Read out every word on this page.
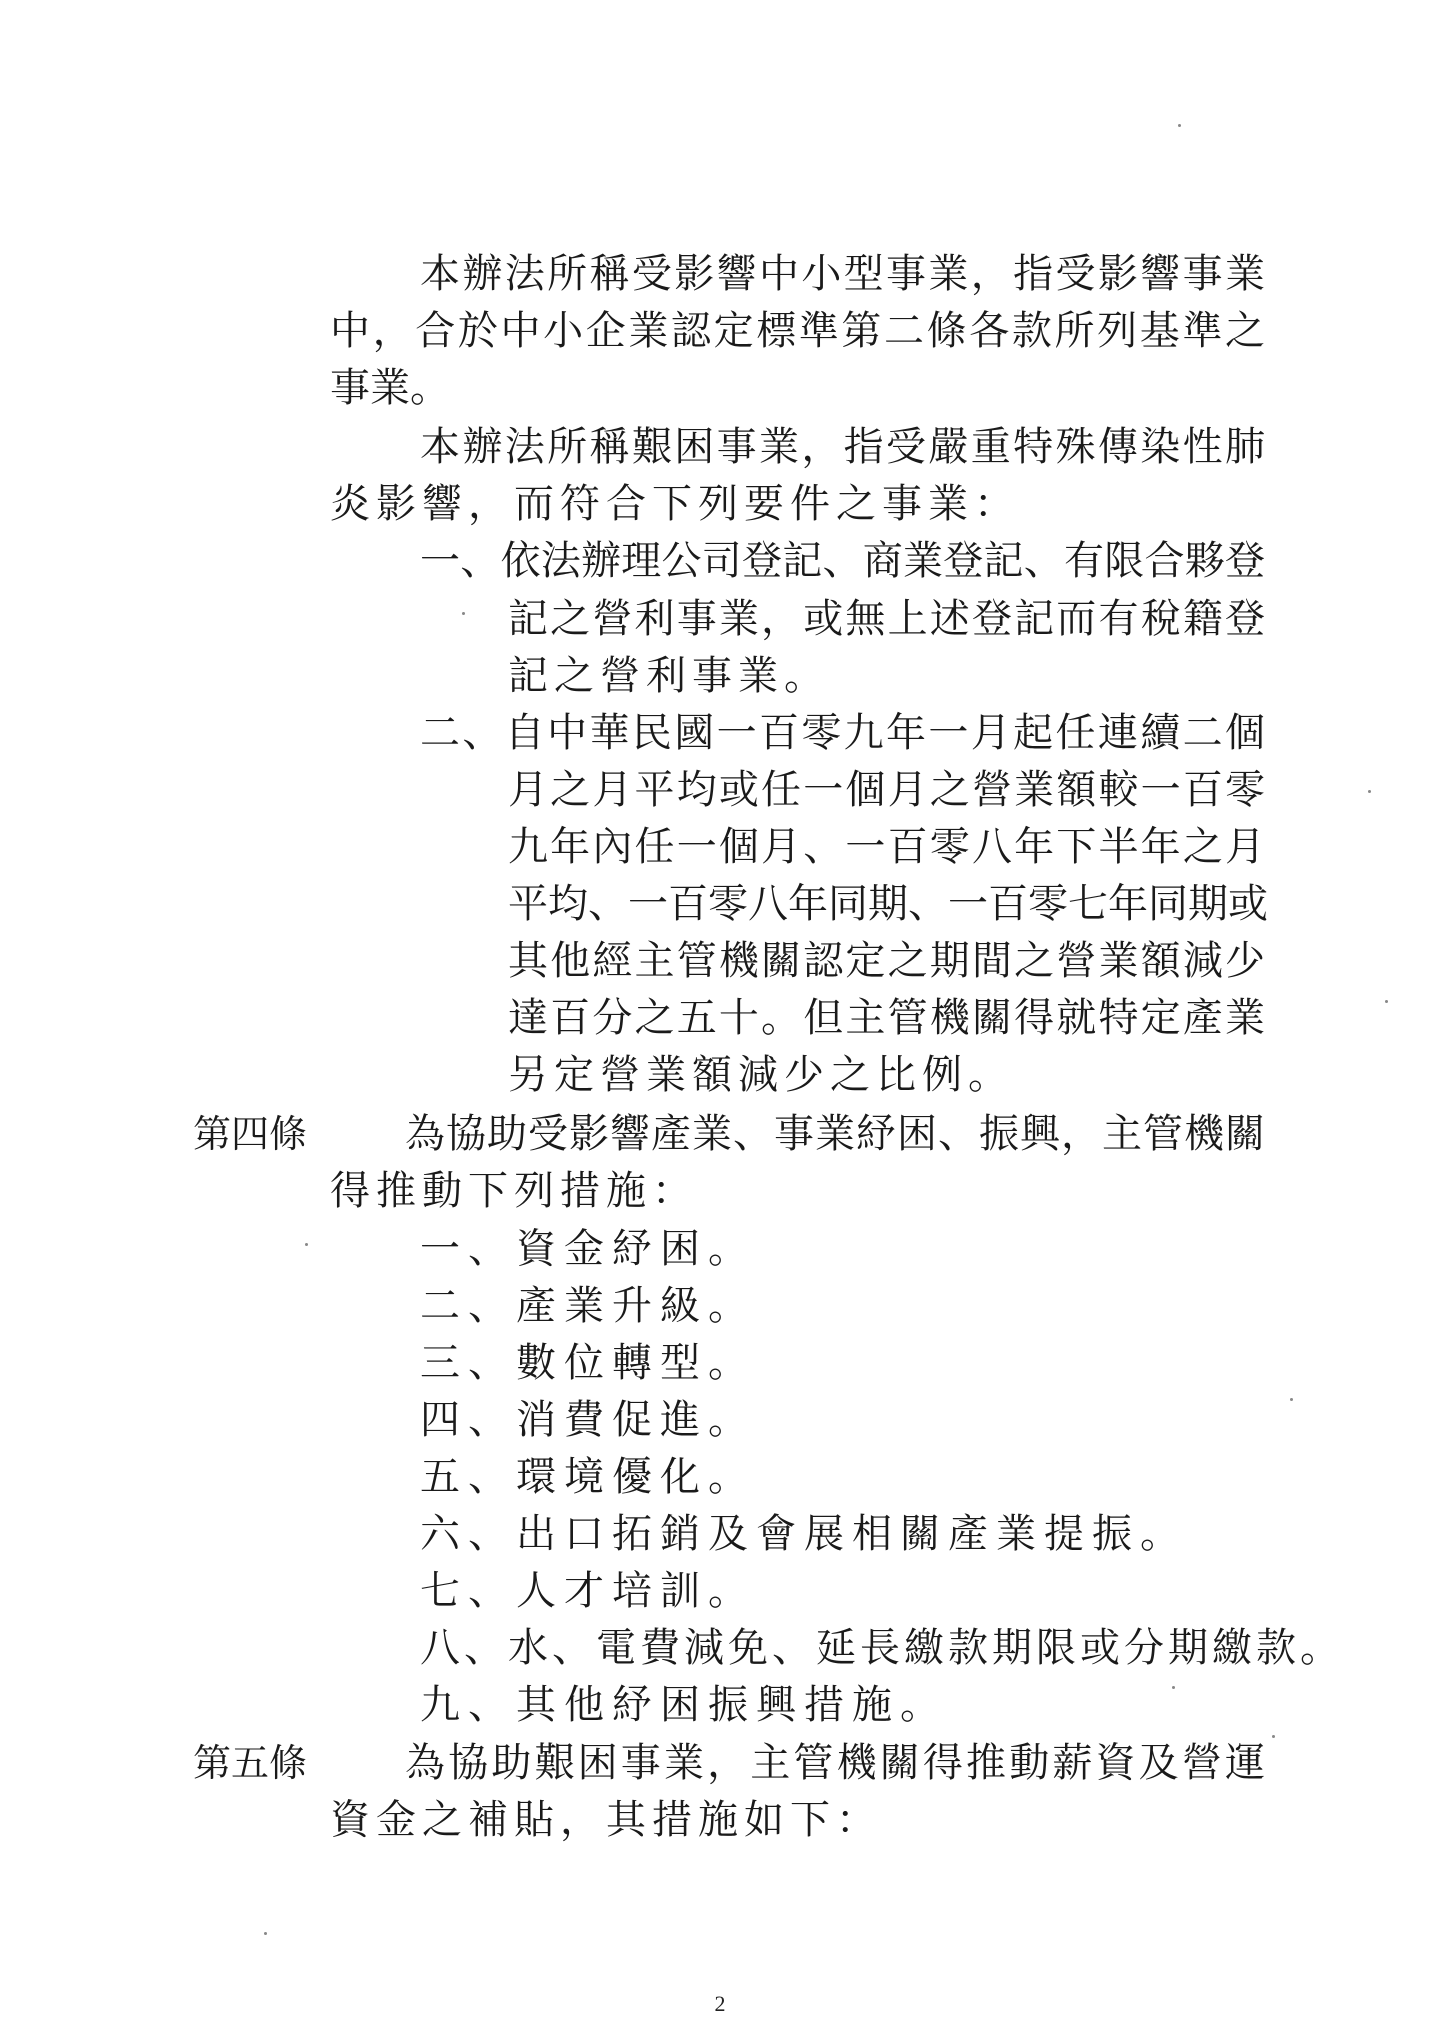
本辦法所稱受影響中小型事業，指受影響事業
中，合於中小企業認定標準第二條各款所列基準之
事業。
本辦法所稱艱困事業，指受嚴重特殊傳染性肺
炎影響，而符合下列要件之事業：
一、依法辦理公司登記、商業登記、有限合夥登
記之營利事業，或無上述登記而有稅籍登
記之營利事業。
二、自中華民國一百零九年一月起任連續二個
月之月平均或任一個月之營業額較一百零
九年內任一個月、一百零八年下半年之月
平均、一百零八年同期、一百零七年同期或
其他經主管機關認定之期間之營業額減少
達百分之五十。但主管機關得就特定產業
另定營業額減少之比例。
第四條 為協助受影響產業、事業紓困、振興，主管機關
得推動下列措施：
一、資金紓困。
二、產業升級。
三、數位轉型。
四、消費促進。
五、環境優化。
六、出口拓銷及會展相關產業提振。
七、人才培訓。
八、水、電費減免、延長繳款期限或分期繳款。
九、其他紓困振興措施。
第五條 為協助艱困事業，主管機關得推動薪資及營運
資金之補貼，其措施如下：
2
